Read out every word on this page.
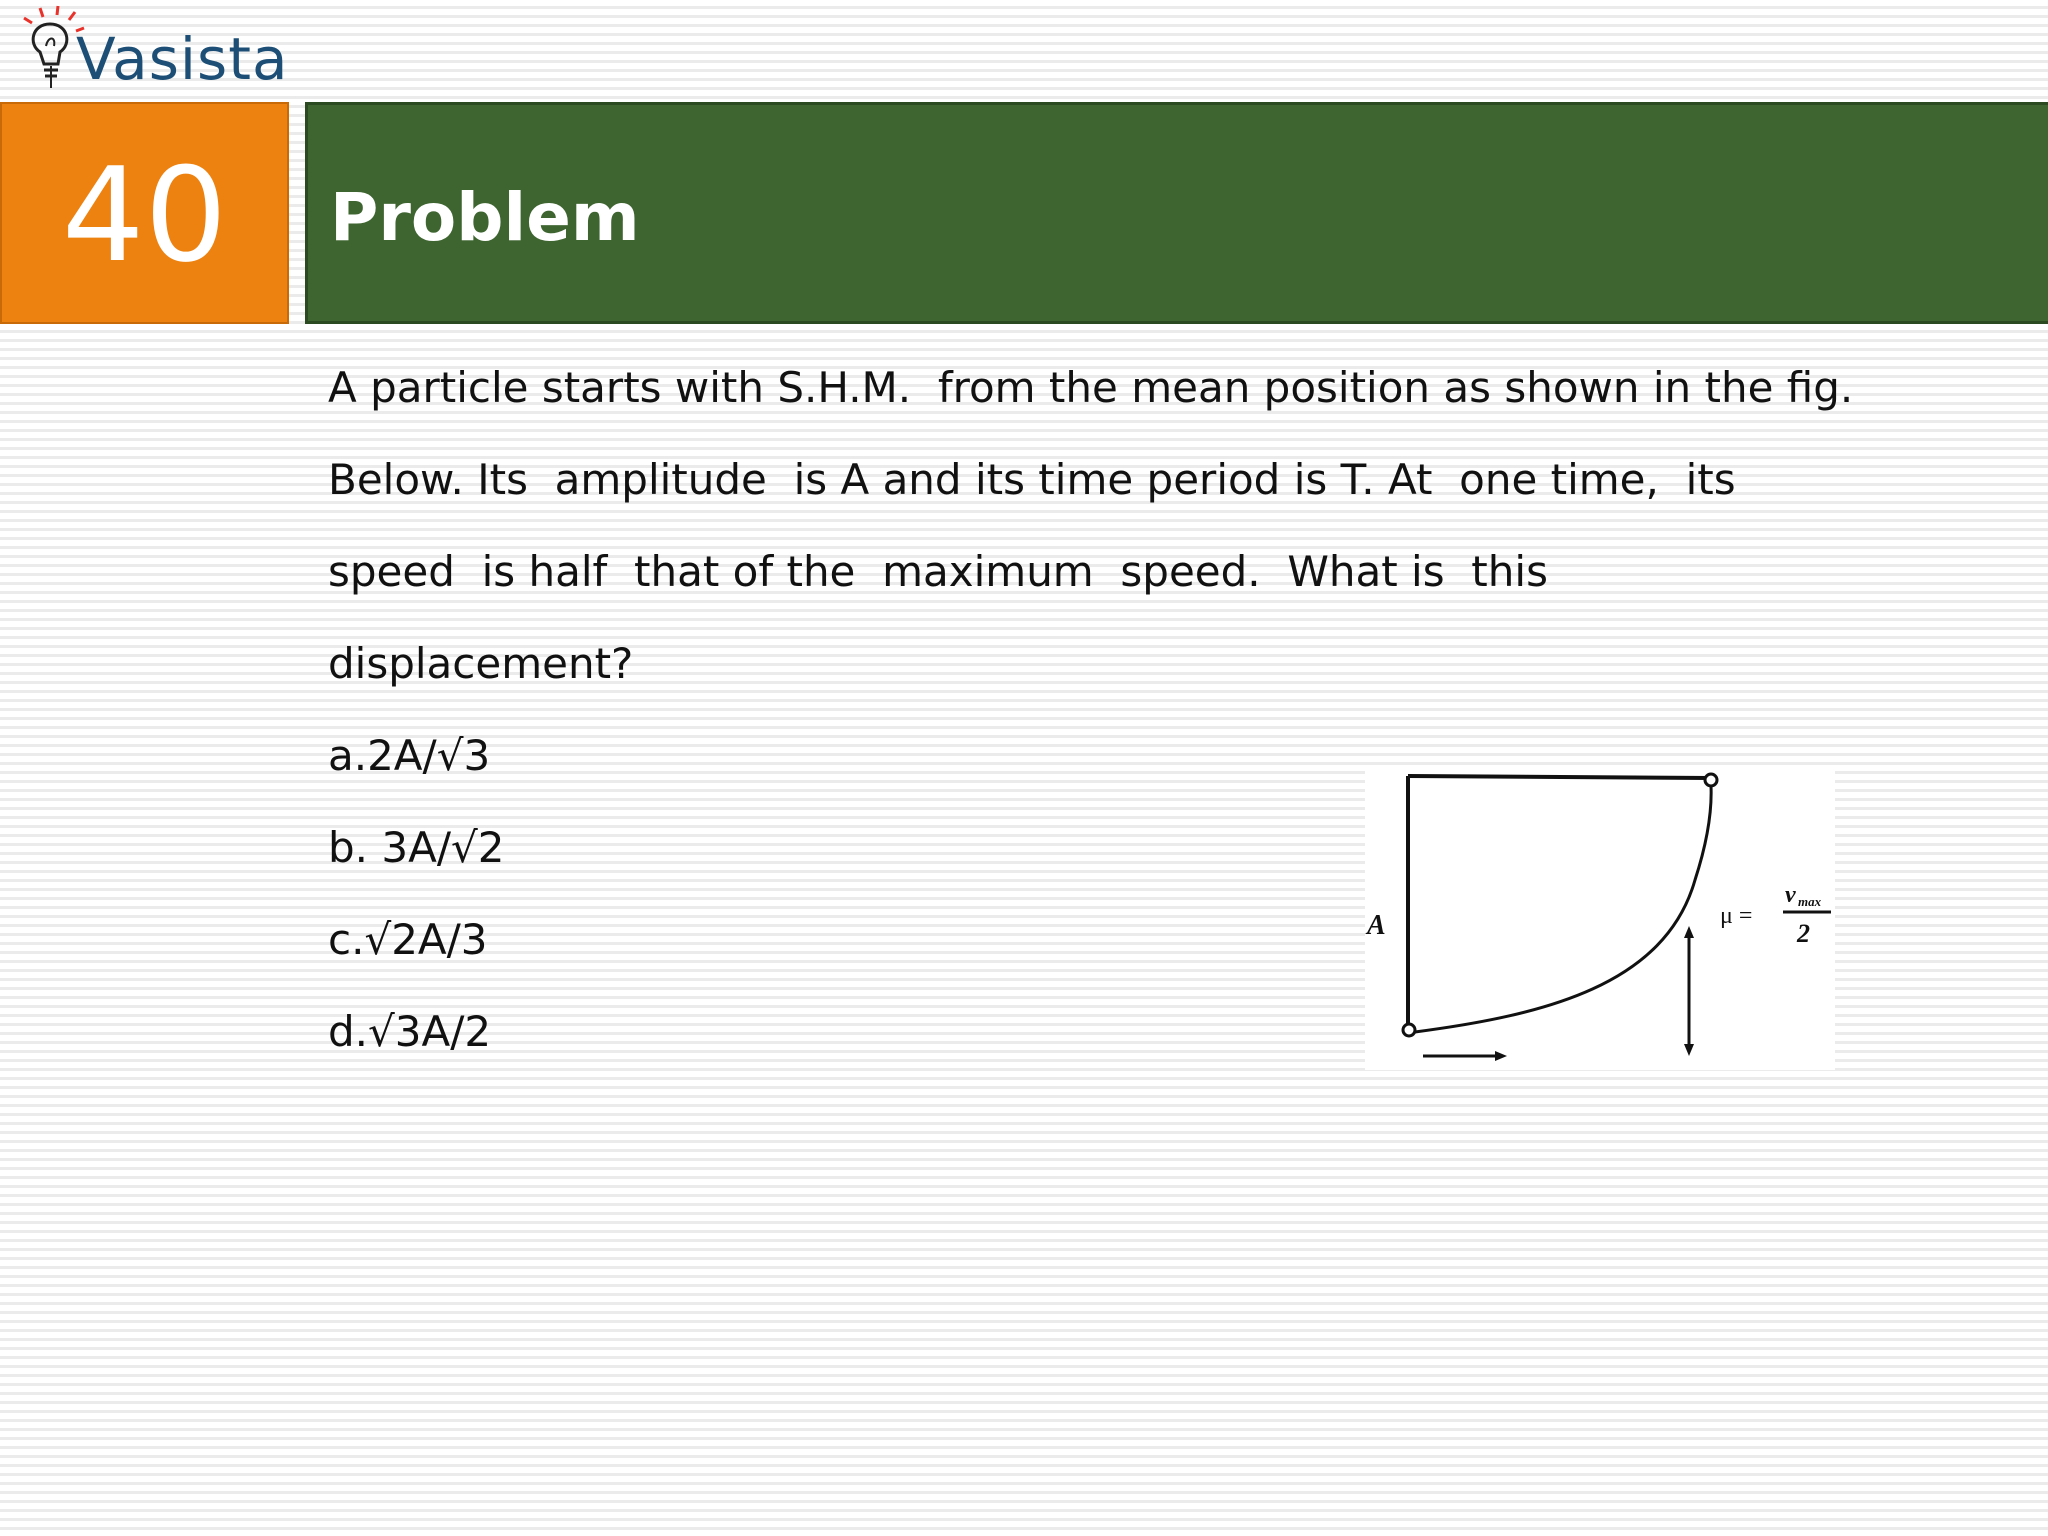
Vasista
40 Problem
A particle starts with S.H.M.  from the mean position as shown in the fig.
Below. Its  amplitude  is A and its time period is T. At  one time,  its
speed  is half  that of the  maximum  speed.  What is  this
displacement?
a.2A/√3
b. 3A/√2
c.√2A/3
d.√3A/2
A	μ =
v max
2
